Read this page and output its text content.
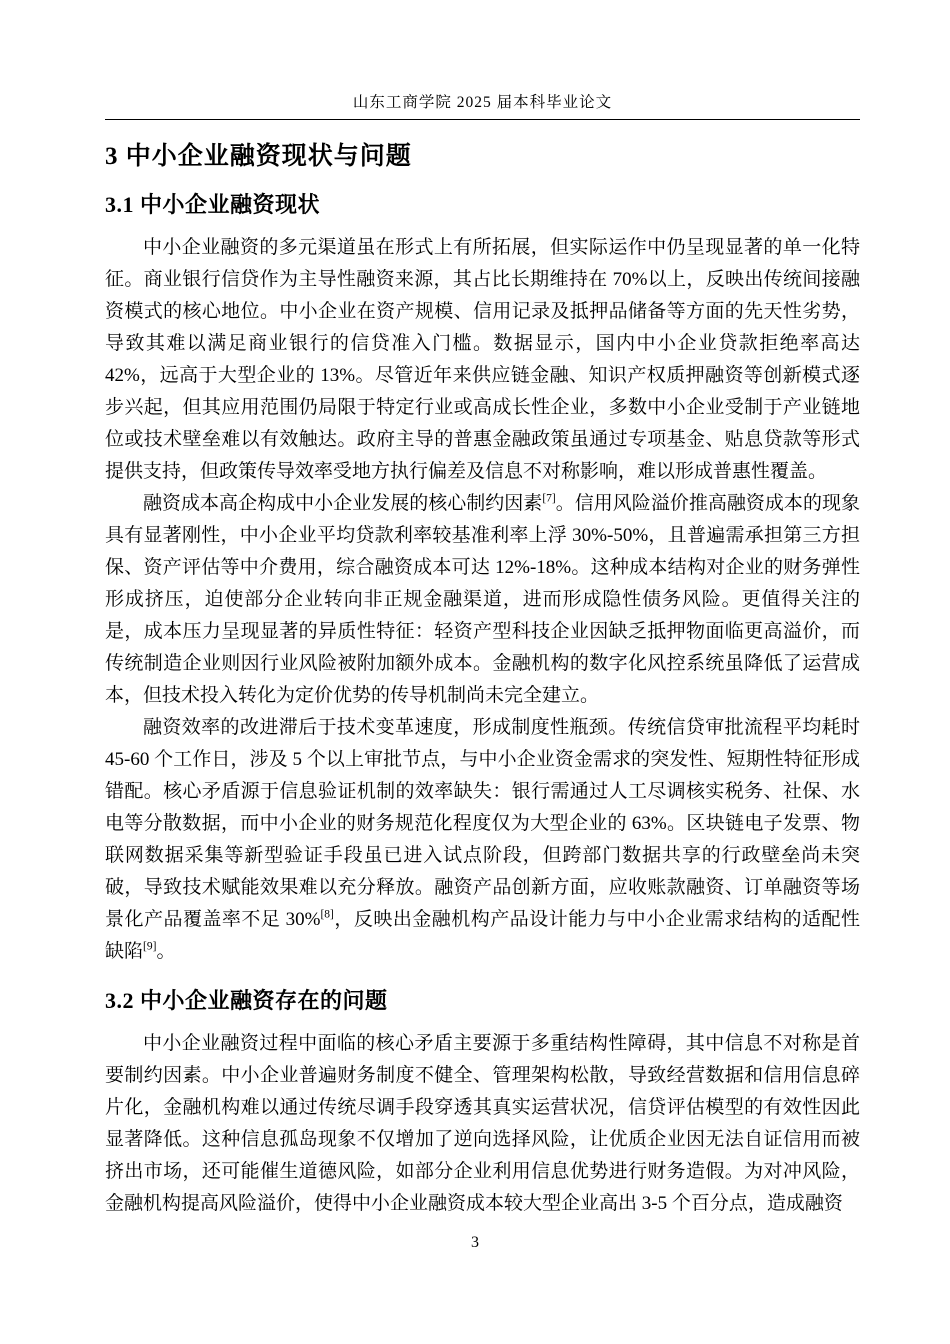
山东工商学院 2025 届本科毕业论文
3 中小企业融资现状与问题
3.1 中小企业融资现状

中小企业融资的多元渠道虽在形式上有所拓展，但实际运作中仍呈现显著的单一化特征。商业银行信贷作为主导性融资来源，其占比长期维持在 70%以上，反映出传统间接融资模式的核心地位。中小企业在资产规模、信用记录及抵押品储备等方面的先天性劣势，导致其难以满足商业银行的信贷准入门槛。数据显示，国内中小企业贷款拒绝率高达 42%，远高于大型企业的 13%。尽管近年来供应链金融、知识产权质押融资等创新模式逐步兴起，但其应用范围仍局限于特定行业或高成长性企业，多数中小企业受制于产业链地位或技术壁垒难以有效触达。政府主导的普惠金融政策虽通过专项基金、贴息贷款等形式提供支持，但政策传导效率受地方执行偏差及信息不对称影响，难以形成普惠性覆盖。

融资成本高企构成中小企业发展的核心制约因素[7]。信用风险溢价推高融资成本的现象具有显著刚性，中小企业平均贷款利率较基准利率上浮 30%-50%，且普遍需承担第三方担保、资产评估等中介费用，综合融资成本可达 12%-18%。这种成本结构对企业的财务弹性形成挤压，迫使部分企业转向非正规金融渠道，进而形成隐性债务风险。更值得关注的是，成本压力呈现显著的异质性特征：轻资产型科技企业因缺乏抵押物面临更高溢价，而传统制造企业则因行业风险被附加额外成本。金融机构的数字化风控系统虽降低了运营成本，但技术投入转化为定价优势的传导机制尚未完全建立。

融资效率的改进滞后于技术变革速度，形成制度性瓶颈。传统信贷审批流程平均耗时 45-60 个工作日，涉及 5 个以上审批节点，与中小企业资金需求的突发性、短期性特征形成错配。核心矛盾源于信息验证机制的效率缺失：银行需通过人工尽调核实税务、社保、水电等分散数据，而中小企业的财务规范化程度仅为大型企业的 63%。区块链电子发票、物联网数据采集等新型验证手段虽已进入试点阶段，但跨部门数据共享的行政壁垒尚未突破，导致技术赋能效果难以充分释放。融资产品创新方面，应收账款融资、订单融资等场景化产品覆盖率不足 30%[8]，反映出金融机构产品设计能力与中小企业需求结构的适配性缺陷[9]。

3.2 中小企业融资存在的问题

中小企业融资过程中面临的核心矛盾主要源于多重结构性障碍，其中信息不对称是首要制约因素。中小企业普遍财务制度不健全、管理架构松散，导致经营数据和信用信息碎片化，金融机构难以通过传统尽调手段穿透其真实运营状况，信贷评估模型的有效性因此显著降低。这种信息孤岛现象不仅增加了逆向选择风险，让优质企业因无法自证信用而被挤出市场，还可能催生道德风险，如部分企业利用信息优势进行财务造假。为对冲风险，金融机构提高风险溢价，使得中小企业融资成本较大型企业高出 3-5 个百分点，造成融资

3
